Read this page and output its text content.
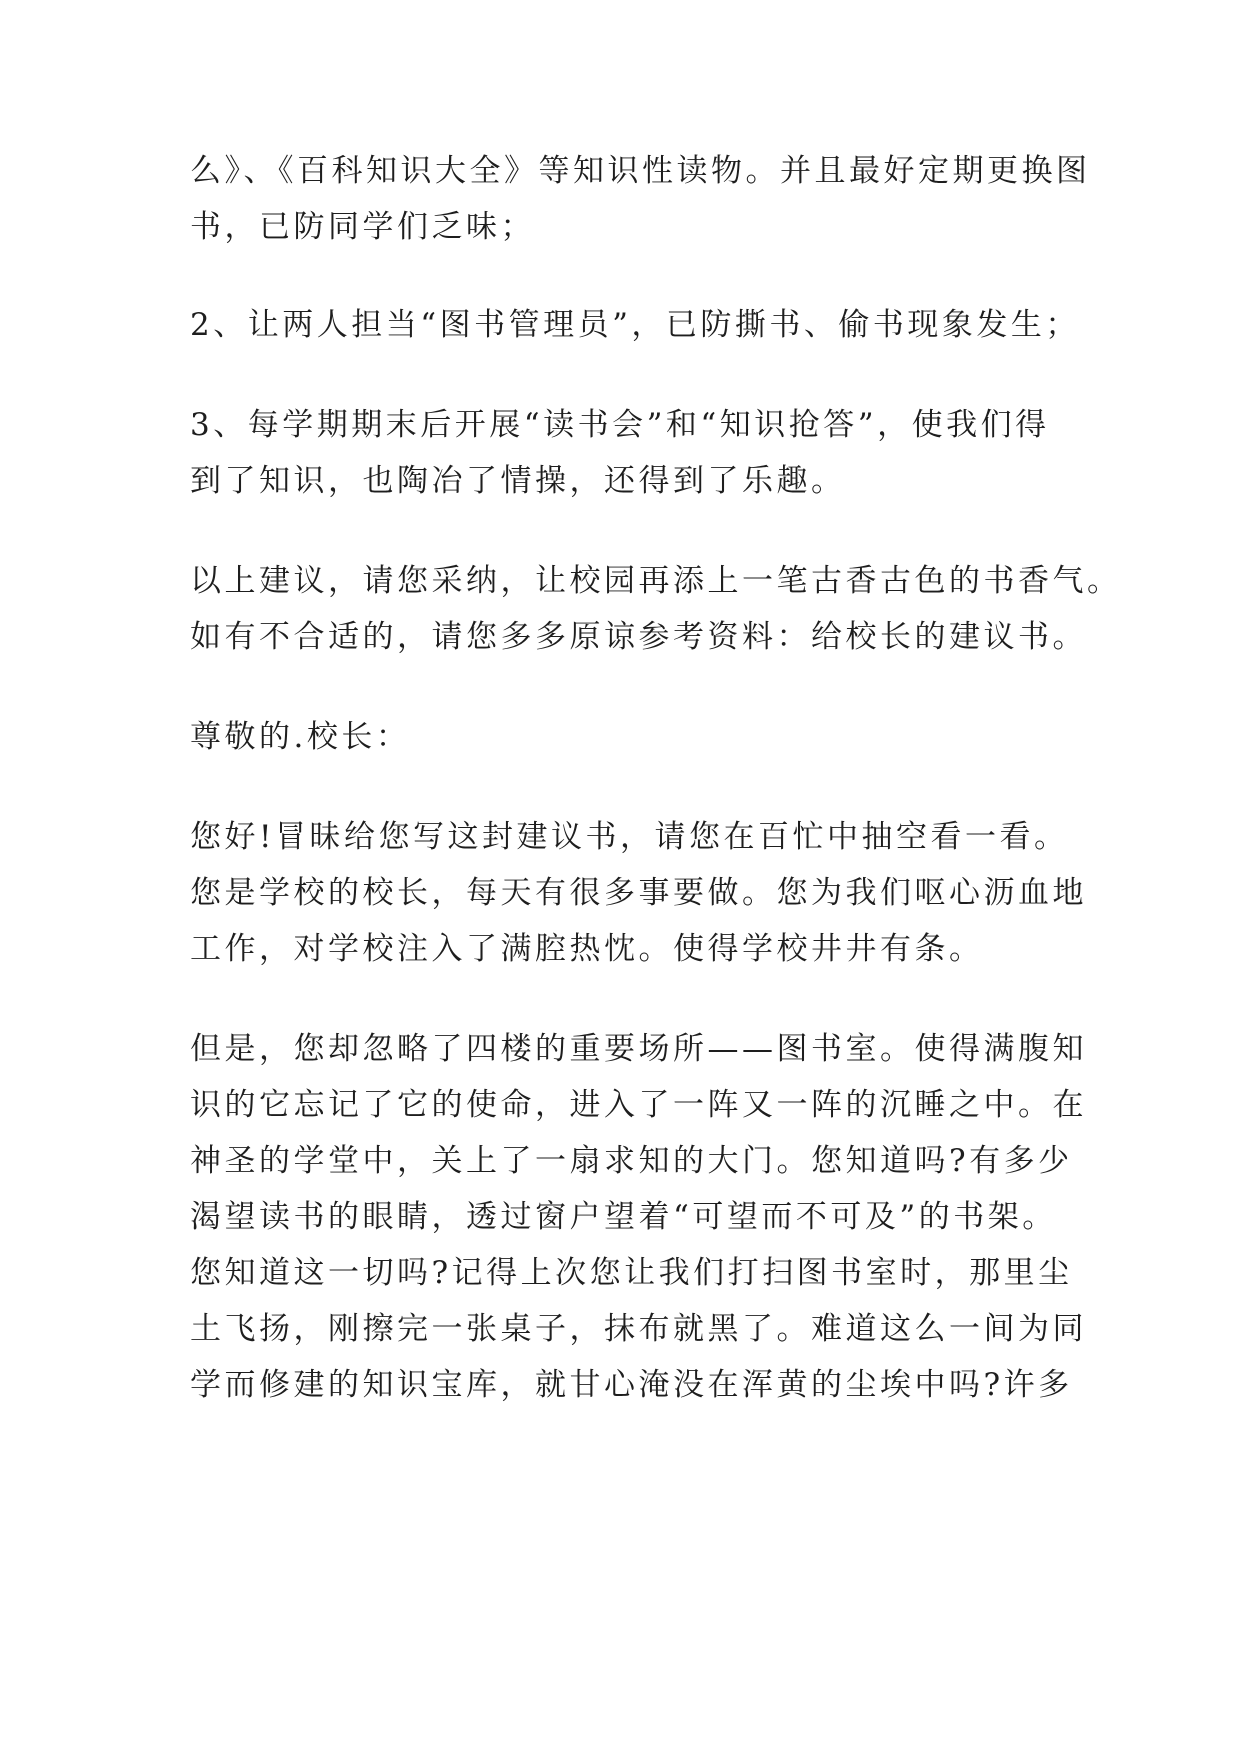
么》、《百科知识大全》等知识性读物。并且最好定期更换图
书，已防同学们乏味；
2、让两人担当“图书管理员”，已防撕书、偷书现象发生；
3、每学期期末后开展“读书会”和“知识抢答”，使我们得
到了知识，也陶冶了情操，还得到了乐趣。
以上建议，请您采纳，让校园再添上一笔古香古色的书香气。
如有不合适的，请您多多原谅参考资料：给校长的建议书。
尊敬的.校长：
您好!冒昧给您写这封建议书，请您在百忙中抽空看一看。
您是学校的校长，每天有很多事要做。您为我们呕心沥血地
工作，对学校注入了满腔热忱。使得学校井井有条。
但是，您却忽略了四楼的重要场所——图书室。使得满腹知
识的它忘记了它的使命，进入了一阵又一阵的沉睡之中。在
神圣的学堂中，关上了一扇求知的大门。您知道吗?有多少
渴望读书的眼睛，透过窗户望着“可望而不可及”的书架。
您知道这一切吗?记得上次您让我们打扫图书室时，那里尘
土飞扬，刚擦完一张桌子，抹布就黑了。难道这么一间为同
学而修建的知识宝库，就甘心淹没在浑黄的尘埃中吗?许多
